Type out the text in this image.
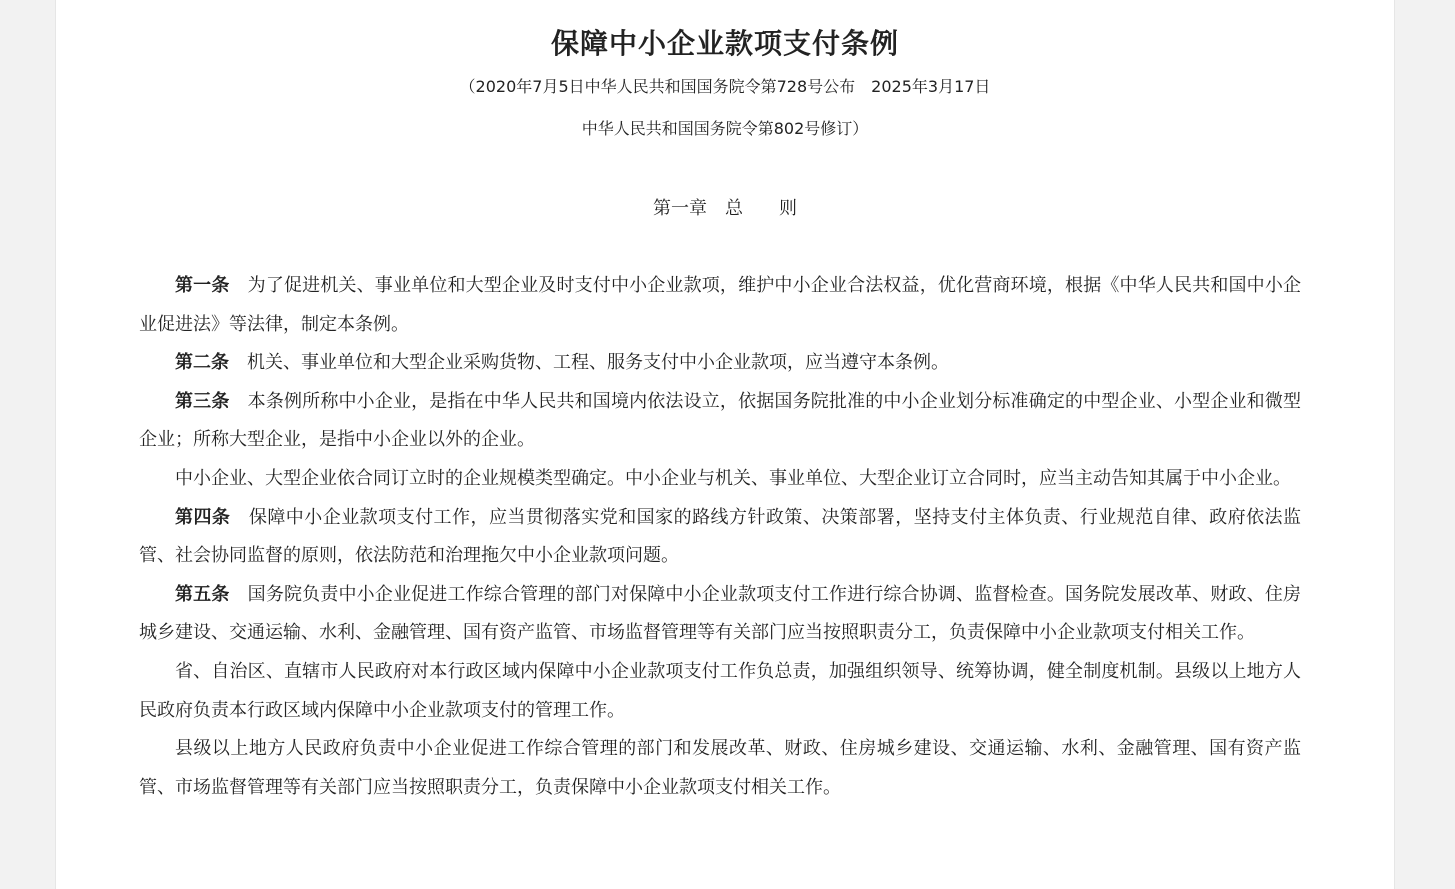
保障中小企业款项支付条例

（2020年7月5日中华人民共和国国务院令第728号公布　2025年3月17日

中华人民共和国国务院令第802号修订）

第一章　总　　则

第一条　为了促进机关、事业单位和大型企业及时支付中小企业款项，维护中小企业合法权益，优化营商环境，根据《中华人民共和国中小企业促进法》等法律，制定本条例。

第二条　机关、事业单位和大型企业采购货物、工程、服务支付中小企业款项，应当遵守本条例。

第三条　本条例所称中小企业，是指在中华人民共和国境内依法设立，依据国务院批准的中小企业划分标准确定的中型企业、小型企业和微型企业；所称大型企业，是指中小企业以外的企业。

中小企业、大型企业依合同订立时的企业规模类型确定。中小企业与机关、事业单位、大型企业订立合同时，应当主动告知其属于中小企业。

第四条　保障中小企业款项支付工作，应当贯彻落实党和国家的路线方针政策、决策部署，坚持支付主体负责、行业规范自律、政府依法监管、社会协同监督的原则，依法防范和治理拖欠中小企业款项问题。

第五条　国务院负责中小企业促进工作综合管理的部门对保障中小企业款项支付工作进行综合协调、监督检查。国务院发展改革、财政、住房城乡建设、交通运输、水利、金融管理、国有资产监管、市场监督管理等有关部门应当按照职责分工，负责保障中小企业款项支付相关工作。

省、自治区、直辖市人民政府对本行政区域内保障中小企业款项支付工作负总责，加强组织领导、统筹协调，健全制度机制。县级以上地方人民政府负责本行政区域内保障中小企业款项支付的管理工作。

县级以上地方人民政府负责中小企业促进工作综合管理的部门和发展改革、财政、住房城乡建设、交通运输、水利、金融管理、国有资产监管、市场监督管理等有关部门应当按照职责分工，负责保障中小企业款项支付相关工作。
